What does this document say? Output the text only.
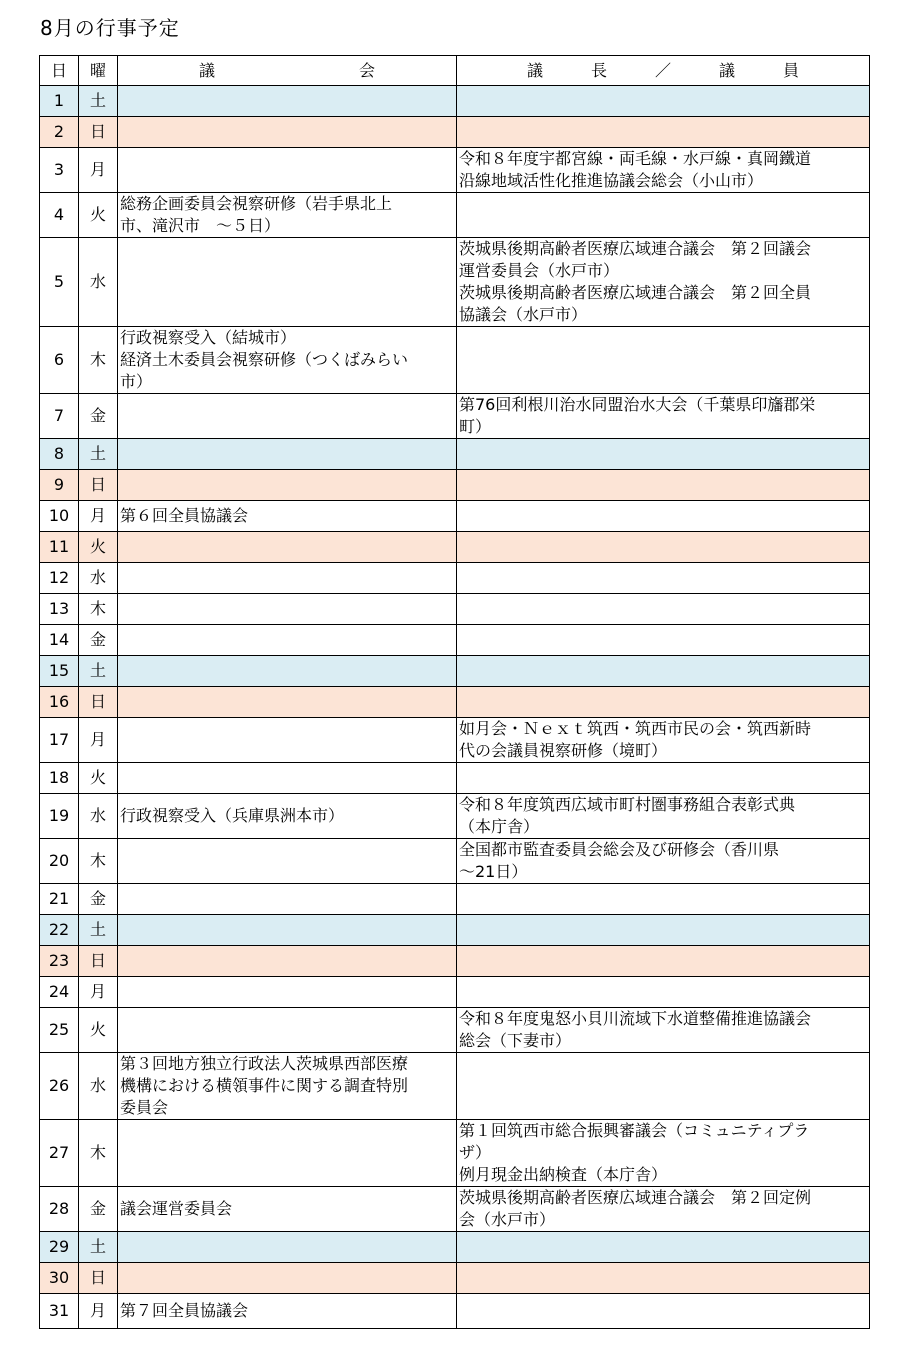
8月の行事予定
日	曜	議　　　　　　　　　会	議　　　長　　　／　　　議　　　員
1	土		
2	日		
3	月		令和８年度宇都宮線・両毛線・水戸線・真岡鐵道
沿線地域活性化推進協議会総会（小山市）
4	火	総務企画委員会視察研修（岩手県北上
市、滝沢市　～５日）	
5	水		茨城県後期高齢者医療広域連合議会　第２回議会
運営委員会（水戸市）
茨城県後期高齢者医療広域連合議会　第２回全員
協議会（水戸市）
6	木	行政視察受入（結城市）
経済土木委員会視察研修（つくばみらい
市）	
7	金		第76回利根川治水同盟治水大会（千葉県印旛郡栄
町）
8	土		
9	日		
10	月	第６回全員協議会	
11	火		
12	水		
13	木		
14	金		
15	土		
16	日		
17	月		如月会・Ｎｅｘｔ筑西・筑西市民の会・筑西新時
代の会議員視察研修（境町）
18	火		
19	水	行政視察受入（兵庫県洲本市）	令和８年度筑西広域市町村圏事務組合表彰式典
（本庁舎）
20	木		全国都市監査委員会総会及び研修会（香川県
～21日）
21	金		
22	土		
23	日		
24	月		
25	火		令和８年度鬼怒小貝川流域下水道整備推進協議会
総会（下妻市）
26	水	第３回地方独立行政法人茨城県西部医療
機構における横領事件に関する調査特別
委員会	
27	木		第１回筑西市総合振興審議会（コミュニティプラ
ザ）
例月現金出納検査（本庁舎）
28	金	議会運営委員会	茨城県後期高齢者医療広域連合議会　第２回定例
会（水戸市）
29	土		
30	日		
31	月	第７回全員協議会	
